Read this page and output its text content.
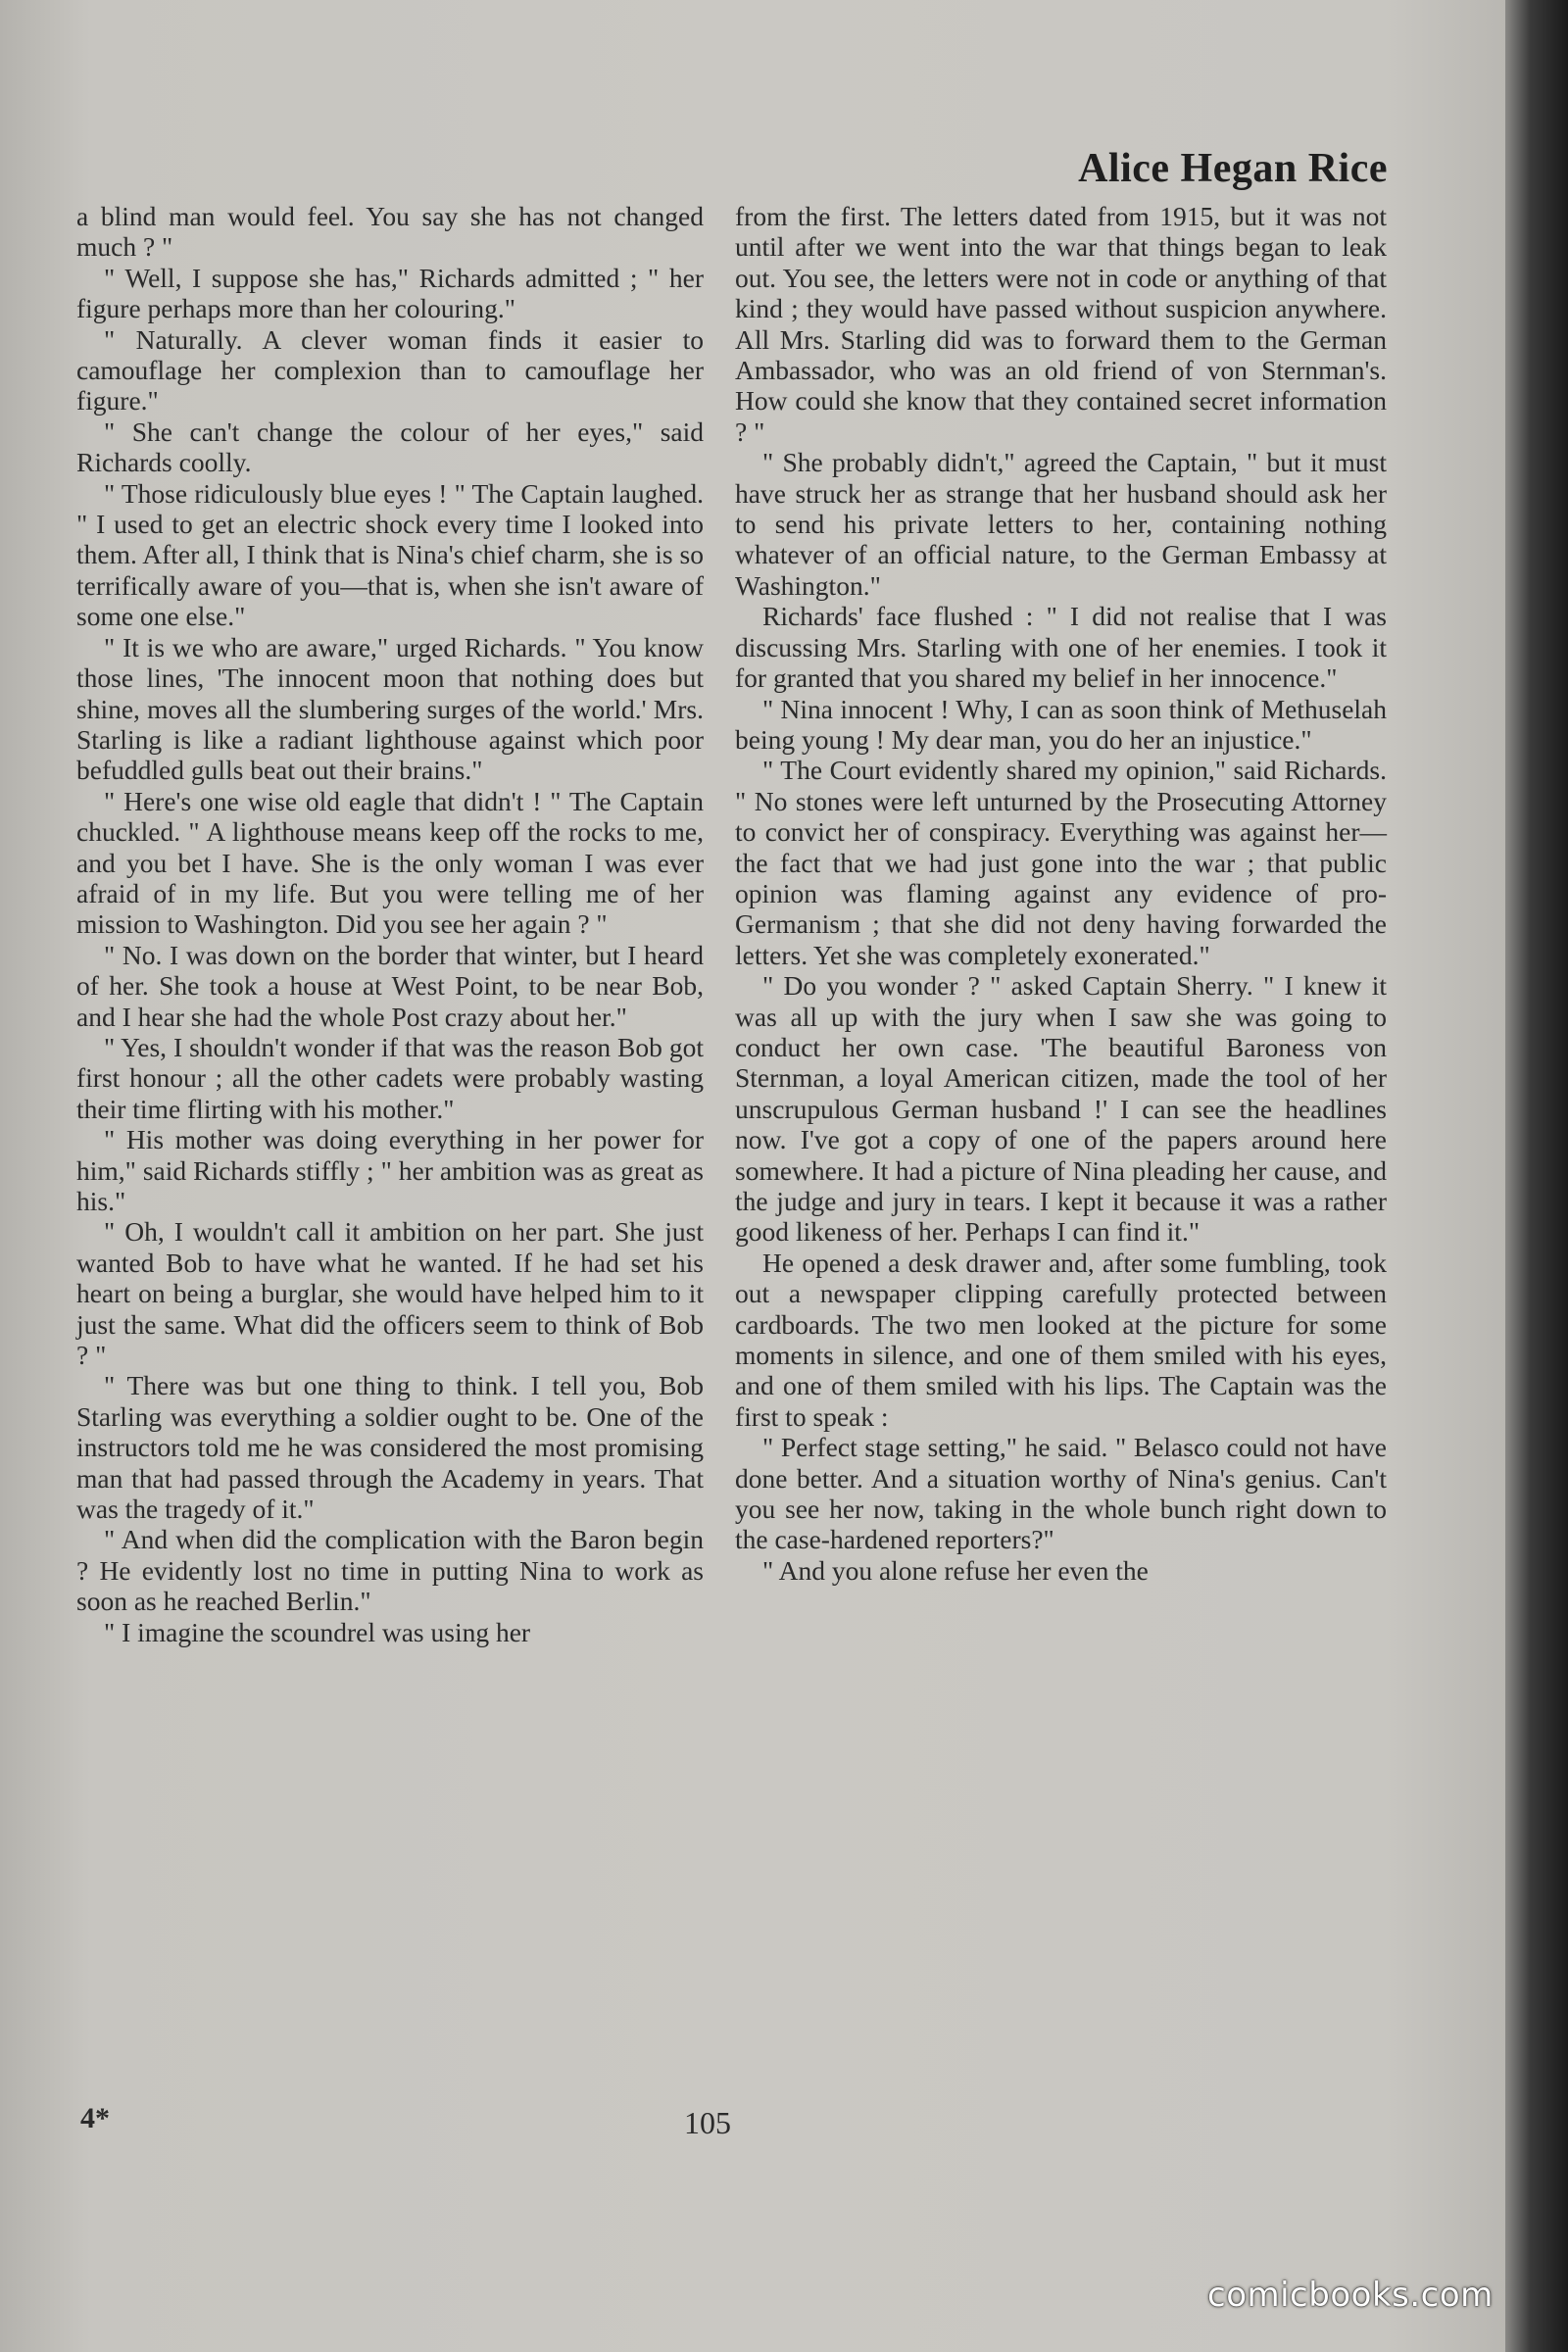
Alice Hegan Rice

a blind man would feel. You say she has not changed much ? "

" Well, I suppose she has," Richards admitted ; " her figure perhaps more than her colouring."

" Naturally. A clever woman finds it easier to camouflage her complexion than to camouflage her figure."

" She can't change the colour of her eyes," said Richards coolly.

" Those ridiculously blue eyes ! " The Captain laughed. " I used to get an electric shock every time I looked into them. After all, I think that is Nina's chief charm, she is so terrifically aware of you—that is, when she isn't aware of some one else."

" It is we who are aware," urged Richards. " You know those lines, 'The innocent moon that nothing does but shine, moves all the slumbering surges of the world.' Mrs. Starling is like a radiant lighthouse against which poor befuddled gulls beat out their brains."

" Here's one wise old eagle that didn't ! " The Captain chuckled. " A lighthouse means keep off the rocks to me, and you bet I have. She is the only woman I was ever afraid of in my life. But you were telling me of her mission to Washington. Did you see her again ? "

" No. I was down on the border that winter, but I heard of her. She took a house at West Point, to be near Bob, and I hear she had the whole Post crazy about her."

" Yes, I shouldn't wonder if that was the reason Bob got first honour ; all the other cadets were probably wasting their time flirting with his mother."

" His mother was doing everything in her power for him," said Richards stiffly ; " her ambition was as great as his."

" Oh, I wouldn't call it ambition on her part. She just wanted Bob to have what he wanted. If he had set his heart on being a burglar, she would have helped him to it just the same. What did the officers seem to think of Bob ? "

" There was but one thing to think. I tell you, Bob Starling was everything a soldier ought to be. One of the instructors told me he was considered the most promising man that had passed through the Academy in years. That was the tragedy of it."

" And when did the complication with the Baron begin ? He evidently lost no time in putting Nina to work as soon as he reached Berlin."

" I imagine the scoundrel was using her

from the first. The letters dated from 1915, but it was not until after we went into the war that things began to leak out. You see, the letters were not in code or anything of that kind ; they would have passed without suspicion anywhere. All Mrs. Starling did was to forward them to the German Ambassador, who was an old friend of von Sternman's. How could she know that they contained secret information ? "

" She probably didn't," agreed the Captain, " but it must have struck her as strange that her husband should ask her to send his private letters to her, containing nothing whatever of an official nature, to the German Embassy at Washington."

Richards' face flushed : " I did not realise that I was discussing Mrs. Starling with one of her enemies. I took it for granted that you shared my belief in her innocence."

" Nina innocent ! Why, I can as soon think of Methuselah being young ! My dear man, you do her an injustice."

" The Court evidently shared my opinion," said Richards. " No stones were left unturned by the Prosecuting Attorney to convict her of conspiracy. Everything was against her—the fact that we had just gone into the war ; that public opinion was flaming against any evidence of pro-Germanism ; that she did not deny having forwarded the letters. Yet she was completely exonerated."

" Do you wonder ? " asked Captain Sherry. " I knew it was all up with the jury when I saw she was going to conduct her own case. 'The beautiful Baroness von Sternman, a loyal American citizen, made the tool of her unscrupulous German husband !' I can see the headlines now. I've got a copy of one of the papers around here somewhere. It had a picture of Nina pleading her cause, and the judge and jury in tears. I kept it because it was a rather good likeness of her. Perhaps I can find it."

He opened a desk drawer and, after some fumbling, took out a newspaper clipping carefully protected between cardboards. The two men looked at the picture for some moments in silence, and one of them smiled with his eyes, and one of them smiled with his lips. The Captain was the first to speak :

" Perfect stage setting," he said. " Belasco could not have done better. And a situation worthy of Nina's genius. Can't you see her now, taking in the whole bunch right down to the case-hardened reporters?"

" And you alone refuse her even the

4*	105
comicbooks.com
